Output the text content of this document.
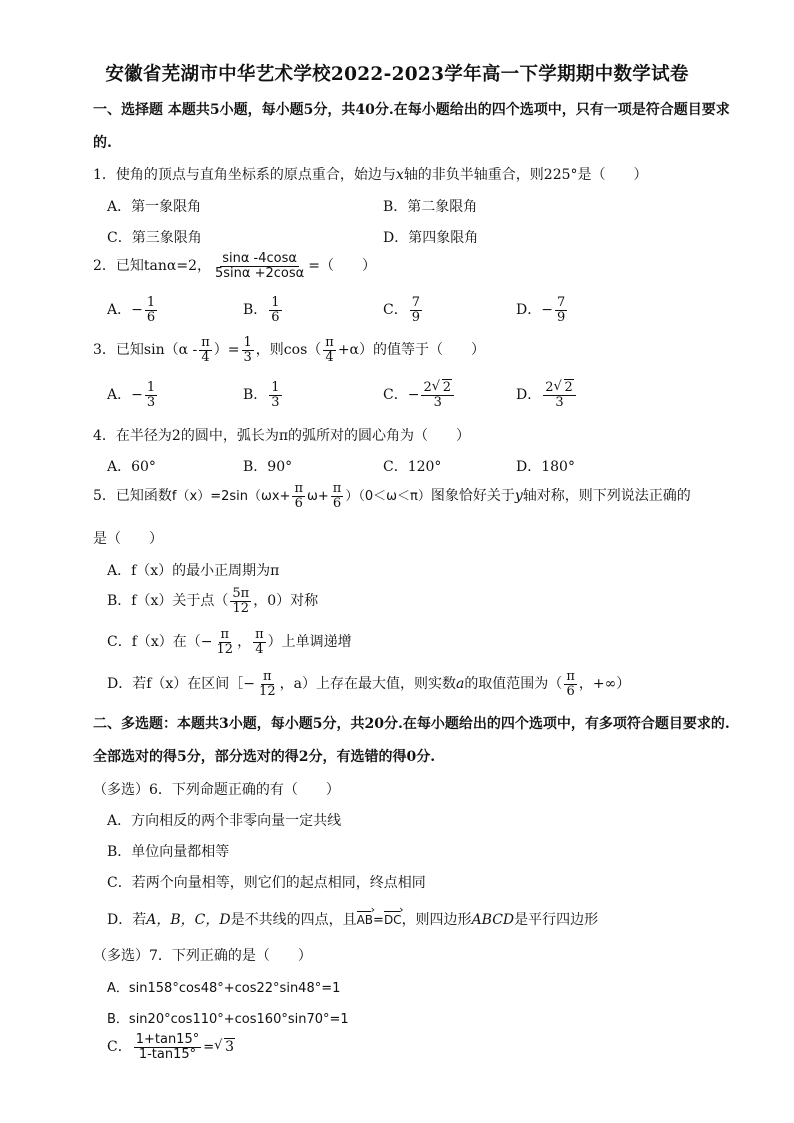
安徽省芜湖市中华艺术学校2022-2023学年高一下学期期中数学试卷
一、选择题 本题共5小题，每小题5分，共40分.在每小题给出的四个选项中，只有一项是符合题目要求
的.
1．使角的顶点与直角坐标系的原点重合，始边与x轴的非负半轴重合，则225°是（　　）
A．第一象限角	B．第二象限角
C．第三象限角	D．第四象限角
2．已知tanα=2， $\frac{\sin\alpha -4\cos\alpha}{5\sin\alpha +2\cos\alpha}$ =（　　）
A．− $\frac{1}{6}$	B． $\frac{1}{6}$	C． $\frac{7}{9}$	D．− $\frac{7}{9}$
3．已知$\sin(\alpha - \frac{\pi}{4}$ ）= $\frac{1}{3}$ ，则$\cos( \frac{\pi}{4} +\alpha)$的值等于（　　）
A．− $\frac{1}{3}$	B． $\frac{1}{3}$	C．− $\frac{2 √ 2}{3}$	D． $\frac{2 √ 2}{3}$
4．在半径为2的圆中，弧长为π的弧所对的圆心角为（　　）
A．60°	B．90°	C．120°	D．180°
5．已知函数$f(x)=2\sin(\omega x+ \frac{\pi}{6} \omega+ \frac{\pi}{6} )(0<\omega<\pi)$图象恰好关于y轴对称，则下列说法正确的
是（　　）
A．f（x）的最小正周期为π
B．f（x）关于点（ $\frac{5\pi}{12}$ ，0）对称
C．f（x）在（− $\frac{\pi}{12}$ ， $\frac{\pi}{4}$ ）上单调递增
D．若f（x）在区间［− $\frac{\pi}{12}$ ，a）上存在最大值，则实数a的取值范围为（ $\frac{\pi}{6}$ ，+∞）
二、多选题：本题共3小题，每小题5分，共20分.在每小题给出的四个选项中，有多项符合题目要求的.
全部选对的得5分，部分选对的得2分，有选错的得0分.
（多选）6．下列命题正确的有（　　）
A．方向相反的两个非零向量一定共线
B．单位向量都相等
C．若两个向量相等，则它们的起点相同，终点相同
D．若A，B，C，D是不共线的四点，且AB ›=DC ›，则四边形ABCD是平行四边形
（多选）7．下列正确的是（　　）
A．sin158°cos48°+cos22°sin48°=1
B．sin20°cos110°+cos160°sin70°=1
C． $\frac{1+\tan 15^\circ}{1-\tan 15^\circ}$ = √ 3
